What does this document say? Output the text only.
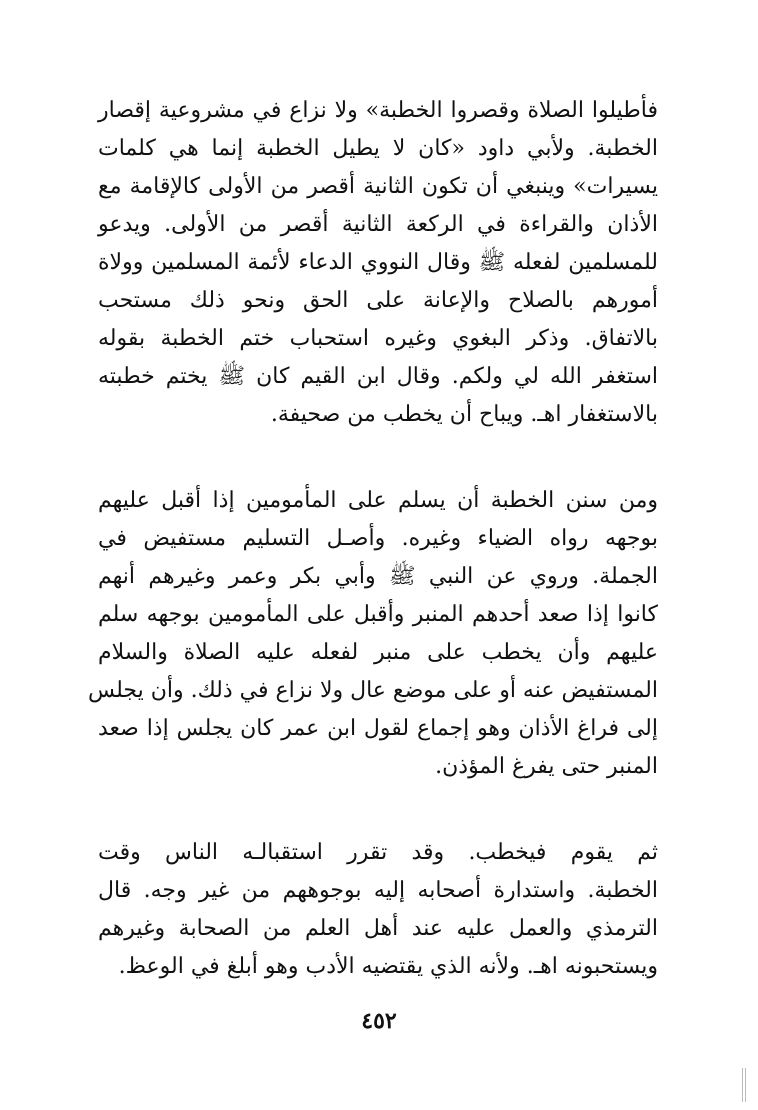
فأطيلوا الصلاة وقصروا الخطبة» ولا نزاع في مشروعية إقصار
الخطبة. ولأبي داود «كان لا يطيل الخطبة إنما هي كلمات
يسيرات» وينبغي أن تكون الثانية أقصر من الأولى كالإقامة مع
الأذان والقراءة في الركعة الثانية أقصر من الأولى. ويدعو
للمسلمين لفعله ﷺ وقال النووي الدعاء لأئمة المسلمين وولاة
أمورهم بالصلاح والإعانة على الحق ونحو ذلك مستحب
بالاتفاق. وذكر البغوي وغيره استحباب ختم الخطبة بقوله
استغفر الله لي ولكم. وقال ابن القيم كان ﷺ يختم خطبته
بالاستغفار اهـ. ويباح أن يخطب من صحيفة.
ومن سنن الخطبة أن يسلم على المأمومين إذا أقبل عليهم
بوجهه رواه الضياء وغيره. وأصـل التسليم مستفيض في
الجملة. وروي عن النبي ﷺ وأبي بكر وعمر وغيرهم أنهم
كانوا إذا صعد أحدهم المنبر وأقبل على المأمومين بوجهه سلم
عليهم وأن يخطب على منبر لفعله عليه الصلاة والسلام
المستفيض عنه أو على موضع عال ولا نزاع في ذلك. وأن يجلس
إلى فراغ الأذان وهو إجماع لقول ابن عمر كان يجلس إذا صعد
المنبر حتى يفرغ المؤذن.
ثم يقوم فيخطب. وقد تقرر استقبالـه الناس وقت
الخطبة. واستدارة أصحابه إليه بوجوههم من غير وجه. قال
الترمذي والعمل عليه عند أهل العلم من الصحابة وغيرهم
ويستحبونه اهـ. ولأنه الذي يقتضيه الأدب وهو أبلغ في الوعظ.
٤٥٢
